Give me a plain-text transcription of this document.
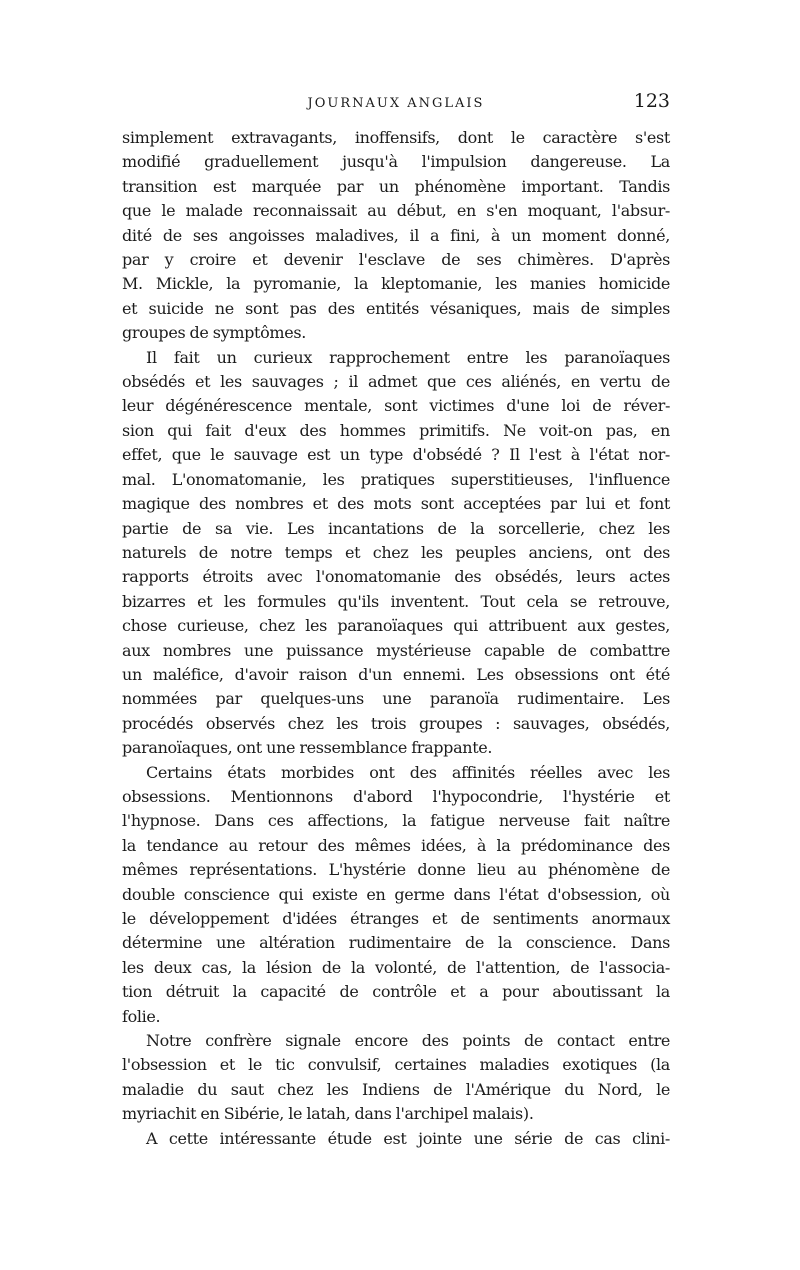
JOURNAUX ANGLAIS	123

simplement extravagants, inoffensifs, dont le caractère s'est
modifié graduellement jusqu'à l'impulsion dangereuse. La
transition est marquée par un phénomène important. Tandis
que le malade reconnaissait au début, en s'en moquant, l'absur-
dité de ses angoisses maladives, il a fini, à un moment donné,
par y croire et devenir l'esclave de ses chimères. D'après
M. Mickle, la pyromanie, la kleptomanie, les manies homicide
et suicide ne sont pas des entités vésaniques, mais de simples
groupes de symptômes.

Il fait un curieux rapprochement entre les paranoïaques
obsédés et les sauvages ; il admet que ces aliénés, en vertu de
leur dégénérescence mentale, sont victimes d'une loi de réver-
sion qui fait d'eux des hommes primitifs. Ne voit-on pas, en
effet, que le sauvage est un type d'obsédé ? Il l'est à l'état nor-
mal. L'onomatomanie, les pratiques superstitieuses, l'influence
magique des nombres et des mots sont acceptées par lui et font
partie de sa vie. Les incantations de la sorcellerie, chez les
naturels de notre temps et chez les peuples anciens, ont des
rapports étroits avec l'onomatomanie des obsédés, leurs actes
bizarres et les formules qu'ils inventent. Tout cela se retrouve,
chose curieuse, chez les paranoïaques qui attribuent aux gestes,
aux nombres une puissance mystérieuse capable de combattre
un maléfice, d'avoir raison d'un ennemi. Les obsessions ont été
nommées par quelques-uns une paranoïa rudimentaire. Les
procédés observés chez les trois groupes : sauvages, obsédés,
paranoïaques, ont une ressemblance frappante.

Certains états morbides ont des affinités réelles avec les
obsessions. Mentionnons d'abord l'hypocondrie, l'hystérie et
l'hypnose. Dans ces affections, la fatigue nerveuse fait naître
la tendance au retour des mêmes idées, à la prédominance des
mêmes représentations. L'hystérie donne lieu au phénomène de
double conscience qui existe en germe dans l'état d'obsession, où
le développement d'idées étranges et de sentiments anormaux
détermine une altération rudimentaire de la conscience. Dans
les deux cas, la lésion de la volonté, de l'attention, de l'associa-
tion détruit la capacité de contrôle et a pour aboutissant la
folie.

Notre confrère signale encore des points de contact entre
l'obsession et le tic convulsif, certaines maladies exotiques (la
maladie du saut chez les Indiens de l'Amérique du Nord, le
myriachit en Sibérie, le latah, dans l'archipel malais).

A cette intéressante étude est jointe une série de cas clini-
